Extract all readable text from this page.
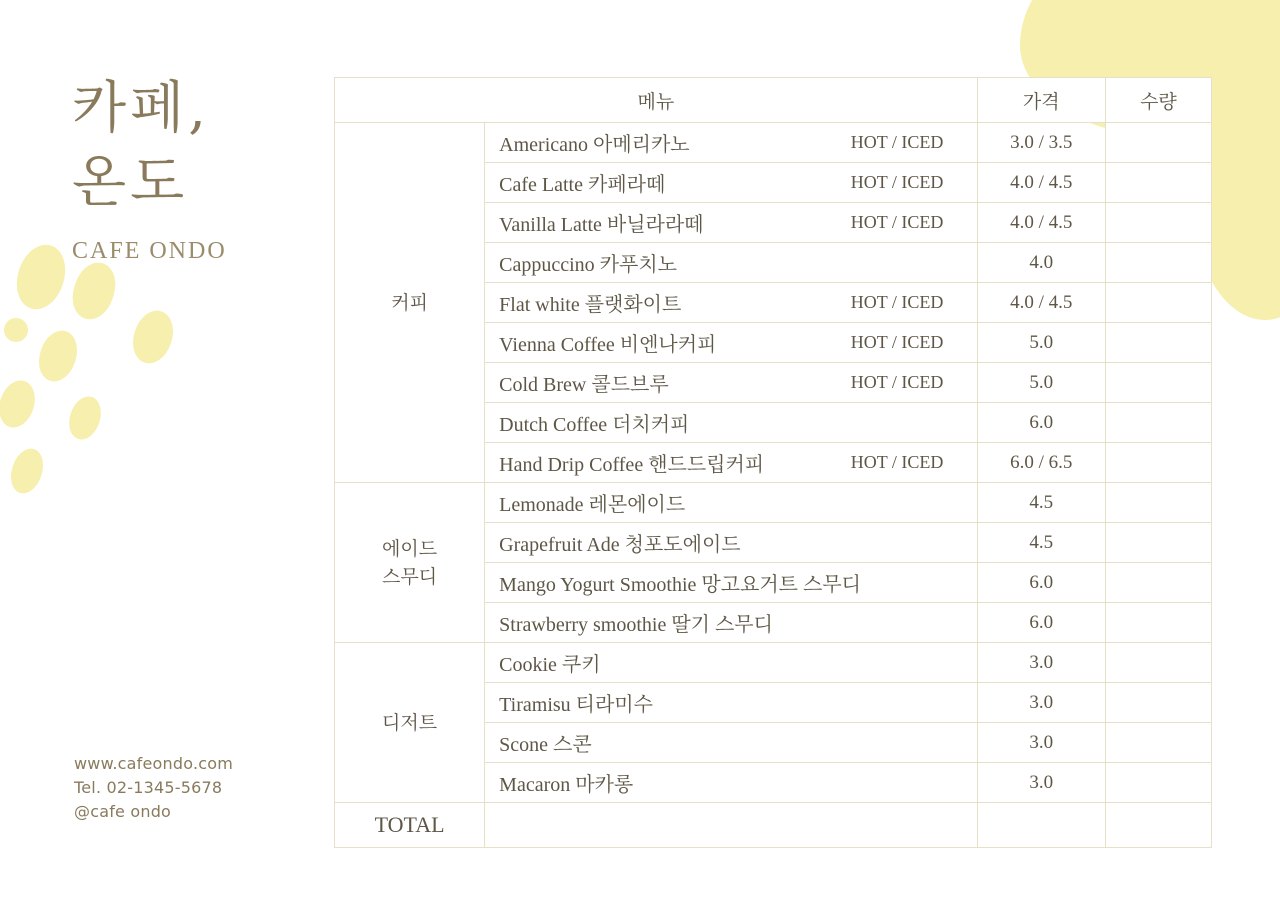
카페,
온도
CAFE ONDO
www.cafeondo.com
Tel. 02-1345-5678
@cafe ondo
메뉴		가격	수량
커피	Americano 아메리카노 HOT / ICED	3.0 / 3.5	

	Cafe Latte 카페라떼 HOT / ICED	4.0 / 4.5	

	Vanilla Latte 바닐라라떼 HOT / ICED	4.0 / 4.5	

	Cappuccino 카푸치노	4.0	

	Flat white 플랫화이트 HOT / ICED	4.0 / 4.5	

	Vienna Coffee 비엔나커피 HOT / ICED	5.0	

	Cold Brew 콜드브루 HOT / ICED	5.0	

	Dutch Coffee 더치커피	6.0	

	Hand Drip Coffee 핸드드립커피 HOT / ICED	6.0 / 6.5	
에이드
스무디	Lemonade 레몬에이드	4.5	

	Grapefruit Ade 청포도에이드	4.5	

	Mango Yogurt Smoothie 망고요거트 스무디	6.0	

	Strawberry smoothie 딸기 스무디	6.0	
디저트	Cookie 쿠키	3.0	

	Tiramisu 티라미수	3.0	

	Scone 스콘	3.0	

	Macaron 마카롱	3.0	
TOTAL			
